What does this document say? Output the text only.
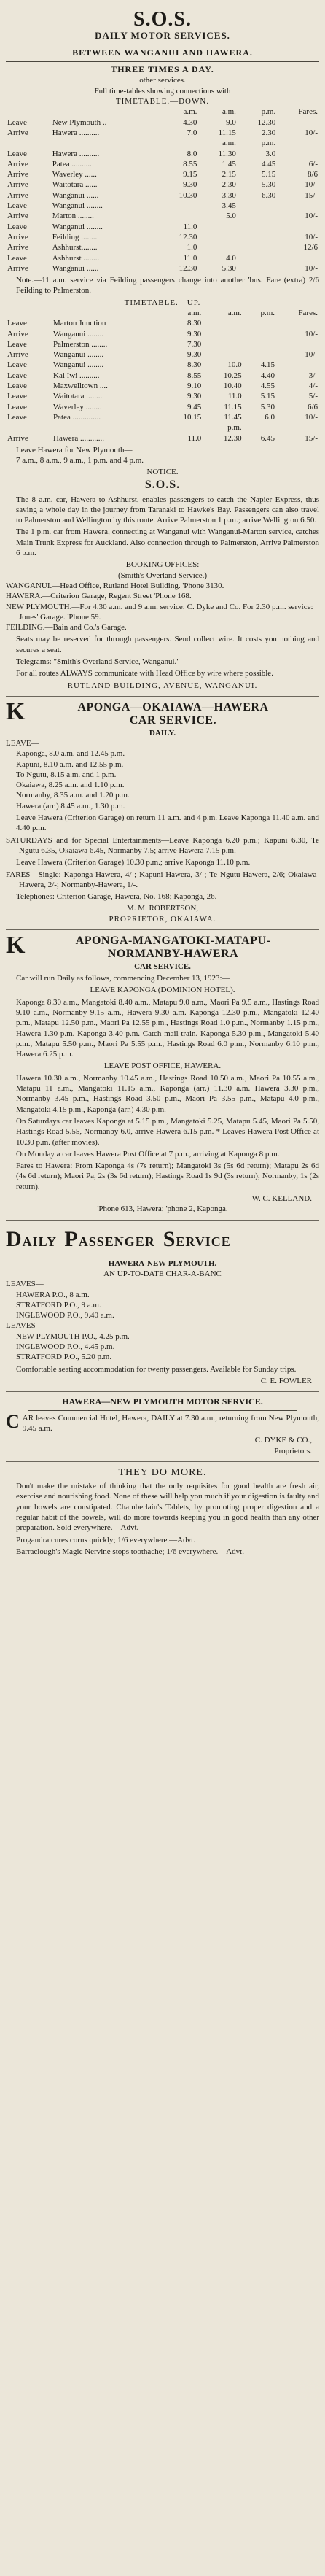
S.O.S.
DAILY MOTOR SERVICES.
BETWEEN WANGANUI AND HAWERA.
THREE TIMES A DAY.
other services.
Full time-tables showing connections with
TIMETABLE.—DOWN.
		a.m.	a.m.	p.m.	Fares.
Leave	New Plymouth ..	4.30	9.0	12.30	
Arrive	Hawera ..........	7.0	11.15	2.30	10/-
			a.m.	p.m.	
Leave	Hawera ..........	8.0	11.30	3.0	
Arrive	Patea ..........	8.55	1.45	4.45	6/-
Arrive	Waverley ......	9.15	2.15	5.15	8/6
Arrive	Waitotara ......	9.30	2.30	5.30	10/-
Arrive	Wanganui ......	10.30	3.30	6.30	15/-
Leave	Wanganui ........		3.45		
Arrive	Marton ........		5.0		10/-
Leave	Wanganui ........	11.0			
Arrive	Feilding ........	12.30			10/-
Arrive	Ashhurst........	1.0			12/6
Leave	Ashhurst ........	11.0	4.0		
Arrive	Wanganui ......	12.30	5.30		10/-

Note.—11 a.m. service via Feilding passengers change into another 'bus. Fare (extra) 2/6 Feilding to Palmerston.

TIMETABLE.—UP.
		a.m.	a.m.	p.m.	Fares.
Leave	Marton Junction	8.30			
Arrive	Wanganui ........	9.30			10/-
Leave	Palmerston ........	7.30			
Arrive	Wanganui ........	9.30			10/-
Leave	Wanganui ........	8.30	10.0	4.15	
Leave	Kai Iwi ..........	8.55	10.25	4.40	3/-
Leave	Maxwelltown ....	9.10	10.40	4.55	4/-
Leave	Waitotara ........	9.30	11.0	5.15	5/-
Leave	Waverley ........	9.45	11.15	5.30	6/6
Leave	Patea ..............	10.15	11.45	6.0	10/-
			p.m.		
Arrive	Hawera ............	11.0	12.30	6.45	15/-

Leave Hawera for New Plymouth—
7 a.m., 8 a.m., 9 a.m., 1 p.m. and 4 p.m.

NOTICE.
S.O.S.

The 8 a.m. car, Hawera to Ashhurst, enables passengers to catch the Napier Express, thus saving a whole day in the journey from Taranaki to Hawke's Bay. Passengers can also travel to Palmerston and Wellington by this route. Arrive Palmerston 1 p.m.; arrive Wellington 6.50.

The 1 p.m. car from Hawera, connecting at Wanganui with Wanganui-Marton service, catches Main Trunk Express for Auckland. Also connection through to Palmerston, Arrive Palmerston 6 p.m.

BOOKING OFFICES:
(Smith's Overland Service.)
WANGANUI.—Head Office, Rutland Hotel Building. 'Phone 3130.
HAWERA.—Criterion Garage, Regent Street 'Phone 168.
NEW PLYMOUTH.—For 4.30 a.m. and 9 a.m. service: C. Dyke and Co. For 2.30 p.m. service: Jones' Garage. 'Phone 59.
FEILDING.—Bain and Co.'s Garage.

Seats may be reserved for through passengers. Send collect wire. It costs you nothing and secures a seat.

Telegrams: "Smith's Overland Service, Wanganui."

For all routes ALWAYS communicate with Head Office by wire where possible.

RUTLAND BUILDING, AVENUE, WANGANUI.
K	APONGA—OKAIAWA—HAWERA
CAR SERVICE.
DAILY.
LEAVE—
Kaponga, 8.0 a.m. and 12.45 p.m.
Kapuni, 8.10 a.m. and 12.55 p.m.
To Ngutu, 8.15 a.m. and 1 p.m.
Okaiawa, 8.25 a.m. and 1.10 p.m.
Normanby, 8.35 a.m. and 1.20 p.m.
Hawera (arr.) 8.45 a.m., 1.30 p.m.

Leave Hawera (Criterion Garage) on return 11 a.m. and 4 p.m. Leave Kaponga 11.40 a.m. and 4.40 p.m.

SATURDAYS and for Special Entertainments—Leave Kaponga 6.20 p.m.; Kapuni 6.30, Te Ngutu 6.35, Okaiawa 6.45, Normanby 7.5; arrive Hawera 7.15 p.m.

Leave Hawera (Criterion Garage) 10.30 p.m.; arrive Kaponga 11.10 p.m.

FARES—Single: Kaponga-Hawera, 4/-; Kapuni-Hawera, 3/-; Te Ngutu-Hawera, 2/6; Okaiawa-Hawera, 2/-; Normanby-Hawera, 1/-.

Telephones: Criterion Garage, Hawera, No. 168; Kaponga, 26.

M. M. ROBERTSON,
PROPRIETOR, OKAIAWA.
K	APONGA-MANGATOKI-MATAPU-
NORMANBY-HAWERA
CAR SERVICE.

Car will run Daily as follows, commencing December 13, 1923:—

LEAVE KAPONGA (DOMINION HOTEL).

Kaponga 8.30 a.m., Mangatoki 8.40 a.m., Matapu 9.0 a.m., Maori Pa 9.5 a.m., Hastings Road 9.10 a.m., Normanby 9.15 a.m., Hawera 9.30 a.m. Kaponga 12.30 p.m., Mangatoki 12.40 p.m., Matapu 12.50 p.m., Maori Pa 12.55 p.m., Hastings Road 1.0 p.m., Normanby 1.15 p.m., Hawera 1.30 p.m. Kaponga 3.40 p.m. Catch mail train. Kaponga 5.30 p.m., Mangatoki 5.40 p.m., Matapu 5.50 p.m., Maori Pa 5.55 p.m., Hastings Road 6.0 p.m., Normanby 6.10 p.m., Hawera 6.25 p.m.

LEAVE POST OFFICE, HAWERA.

Hawera 10.30 a.m., Normanby 10.45 a.m., Hastings Road 10.50 a.m., Maori Pa 10.55 a.m., Matapu 11 a.m., Mangatoki 11.15 a.m., Kaponga (arr.) 11.30 a.m. Hawera 3.30 p.m., Normanby 3.45 p.m., Hastings Road 3.50 p.m., Maori Pa 3.55 p.m., Matapu 4.0 p.m., Mangatoki 4.15 p.m., Kaponga (arr.) 4.30 p.m.

On Saturdays car leaves Kaponga at 5.15 p.m., Mangatoki 5.25, Matapu 5.45, Maori Pa 5.50, Hastings Road 5.55, Normanby 6.0, arrive Hawera 6.15 p.m. * Leaves Hawera Post Office at 10.30 p.m. (after movies).

On Monday a car leaves Hawera Post Office at 7 p.m., arriving at Kaponga 8 p.m.

Fares to Hawera: From Kaponga 4s (7s return); Mangatoki 3s (5s 6d return); Matapu 2s 6d (4s 6d return); Maori Pa, 2s (3s 6d return); Hastings Road 1s 9d (3s return); Normanby, 1s (2s return).

W. C. KELLAND.
'Phone 613, Hawera; 'phone 2, Kaponga.
DAILY PASSENGER SERVICE
HAWERA-NEW PLYMOUTH.
AN UP-TO-DATE CHAR-A-BANC
LEAVES—
HAWERA P.O., 8 a.m.
STRATFORD P.O., 9 a.m.
INGLEWOOD P.O., 9.40 a.m.
LEAVES—
NEW PLYMOUTH P.O., 4.25 p.m.
INGLEWOOD P.O., 4.45 p.m.
STRATFORD P.O., 5.20 p.m.

Comfortable seating accommodation for twenty passengers. Available for Sunday trips.

C. E. FOWLER
HAWERA—NEW PLYMOUTH MOTOR SERVICE.
C AR leaves Commercial Hotel, Hawera, DAILY at 7.30 a.m., returning from New Plymouth, 9.45 a.m.

C. DYKE & CO.,
Proprietors.
THEY DO MORE.

Don't make the mistake of thinking that the only requisites for good health are fresh air, exercise and nourishing food. None of these will help you much if your digestion is faulty and your bowels are constipated. Chamberlain's Tablets, by promoting proper digestion and a regular habit of the bowels, will do more towards keeping you in good health than any other preparation. Sold everywhere.—Advt.

Progandra cures corns quickly; 1/6 everywhere.—Advt.

Barraclough's Magic Nervine stops toothache; 1/6 everywhere.—Advt.
